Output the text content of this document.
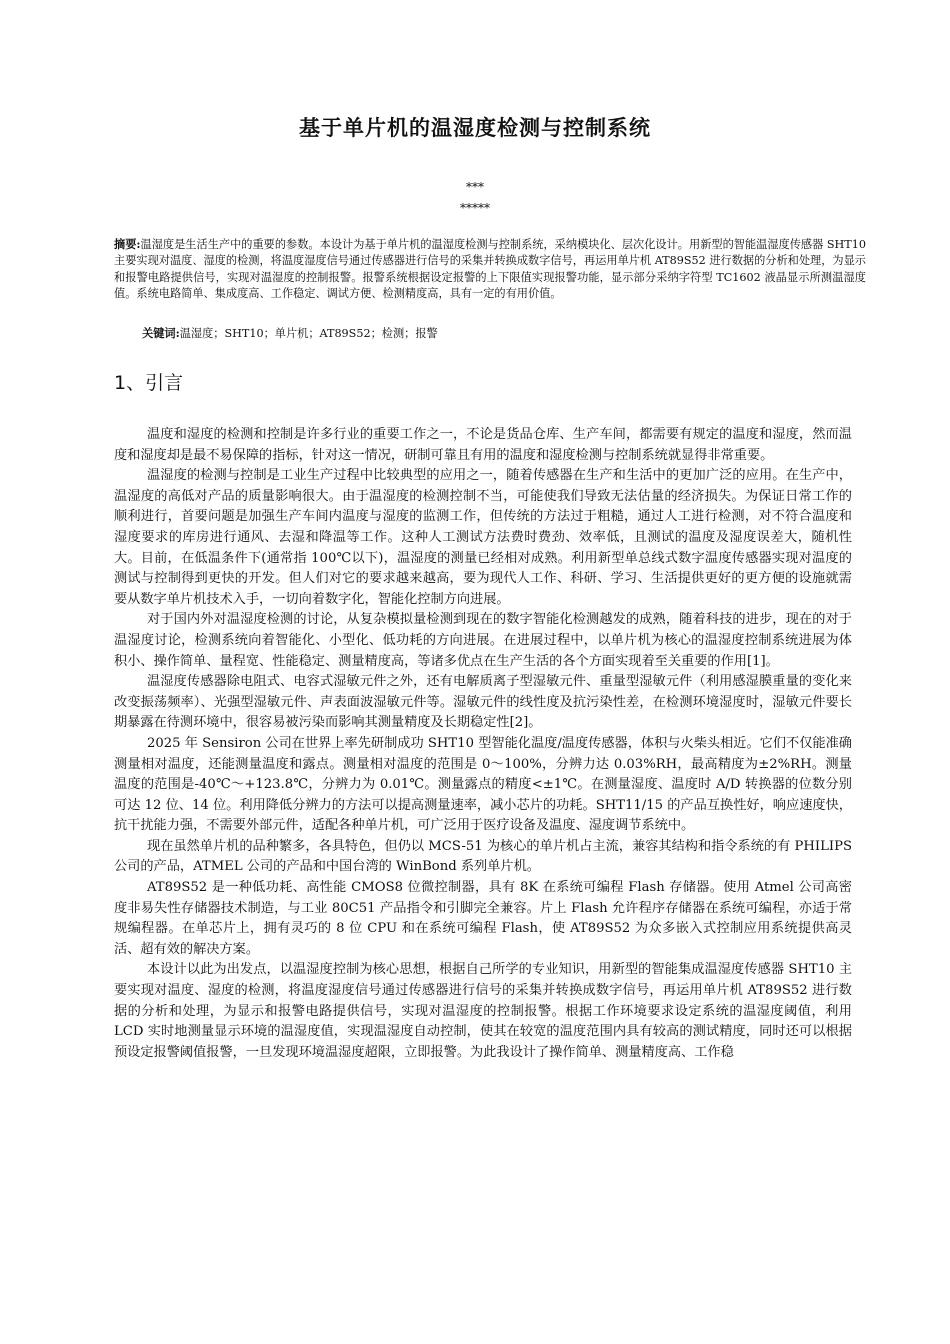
基于单片机的温湿度检测与控制系统
***
*****
摘要:温湿度是生活生产中的重要的参数。本设计为基于单片机的温湿度检测与控制系统，采纳模块化、层次化设计。用新型的智能温湿度传感器 SHT10 主要实现对温度、湿度的检测，将温度湿度信号通过传感器进行信号的采集并转换成数字信号，再运用单片机 AT89S52 进行数据的分析和处理，为显示和报警电路提供信号，实现对温湿度的控制报警。报警系统根据设定报警的上下限值实现报警功能，显示部分采纳字符型 TC1602 液晶显示所测温湿度值。系统电路简单、集成度高、工作稳定、调试方便、检测精度高，具有一定的有用价值。
关键词:温湿度；SHT10；单片机；AT89S52；检测；报警
1、引言

温度和湿度的检测和控制是许多行业的重要工作之一，不论是货品仓库、生产车间，都需要有规定的温度和湿度，然而温度和湿度却是最不易保障的指标，针对这一情况，研制可靠且有用的温度和湿度检测与控制系统就显得非常重要。

温湿度的检测与控制是工业生产过程中比较典型的应用之一，随着传感器在生产和生活中的更加广泛的应用。在生产中，温湿度的高低对产品的质量影响很大。由于温湿度的检测控制不当，可能使我们导致无法估量的经济损失。为保证日常工作的顺利进行，首要问题是加强生产车间内温度与湿度的监测工作，但传统的方法过于粗糙，通过人工进行检测，对不符合温度和湿度要求的库房进行通风、去湿和降温等工作。这种人工测试方法费时费劲、效率低，且测试的温度及湿度误差大，随机性大。目前，在低温条件下(通常指 100℃以下)，温湿度的测量已经相对成熟。利用新型单总线式数字温度传感器实现对温度的测试与控制得到更快的开发。但人们对它的要求越来越高，要为现代人工作、科研、学习、生活提供更好的更方便的设施就需要从数字单片机技术入手，一切向着数字化，智能化控制方向进展。

对于国内外对温湿度检测的讨论，从复杂模拟量检测到现在的数字智能化检测越发的成熟，随着科技的进步，现在的对于温湿度讨论，检测系统向着智能化、小型化、低功耗的方向进展。在进展过程中，以单片机为核心的温湿度控制系统进展为体积小、操作简单、量程宽、性能稳定、测量精度高，等诸多优点在生产生活的各个方面实现着至关重要的作用[1]。

温湿度传感器除电阻式、电容式湿敏元件之外，还有电解质离子型湿敏元件、重量型湿敏元件（利用感湿膜重量的变化来改变振荡频率）、光强型湿敏元件、声表面波湿敏元件等。湿敏元件的线性度及抗污染性差，在检测环境湿度时，湿敏元件要长期暴露在待测环境中，很容易被污染而影响其测量精度及长期稳定性[2]。

2025 年 Sensiron 公司在世界上率先研制成功 SHT10 型智能化温度/温度传感器，体积与火柴头相近。它们不仅能准确测量相对温度，还能测量温度和露点。测量相对温度的范围是 0～100%，分辨力达 0.03%RH，最高精度为±2%RH。测量温度的范围是-40℃～+123.8℃，分辨力为 0.01℃。测量露点的精度<±1℃。在测量湿度、温度时 A/D 转换器的位数分别可达 12 位、14 位。利用降低分辨力的方法可以提高测量速率，减小芯片的功耗。SHT11/15 的产品互换性好，响应速度快，抗干扰能力强，不需要外部元件，适配各种单片机，可广泛用于医疗设备及温度、湿度调节系统中。

现在虽然单片机的品种繁多，各具特色，但仍以 MCS-51 为核心的单片机占主流，兼容其结构和指令系统的有 PHILIPS 公司的产品，ATMEL 公司的产品和中国台湾的 WinBond 系列单片机。

AT89S52 是一种低功耗、高性能 CMOS8 位微控制器，具有 8K 在系统可编程 Flash 存储器。使用 Atmel 公司高密度非易失性存储器技术制造，与工业 80C51 产品指令和引脚完全兼容。片上 Flash 允许程序存储器在系统可编程，亦适于常规编程器。在单芯片上，拥有灵巧的 8 位 CPU 和在系统可编程 Flash，使 AT89S52 为众多嵌入式控制应用系统提供高灵活、超有效的解决方案。

本设计以此为出发点，以温湿度控制为核心思想，根据自己所学的专业知识，用新型的智能集成温湿度传感器 SHT10 主要实现对温度、湿度的检测，将温度湿度信号通过传感器进行信号的采集并转换成数字信号，再运用单片机 AT89S52 进行数据的分析和处理，为显示和报警电路提供信号，实现对温湿度的控制报警。根据工作环境要求设定系统的温湿度阈值，利用 LCD 实时地测量显示环境的温湿度值，实现温湿度自动控制，使其在较宽的温度范围内具有较高的测试精度，同时还可以根据预设定报警阈值报警，一旦发现环境温湿度超限，立即报警。为此我设计了操作简单、测量精度高、工作稳
